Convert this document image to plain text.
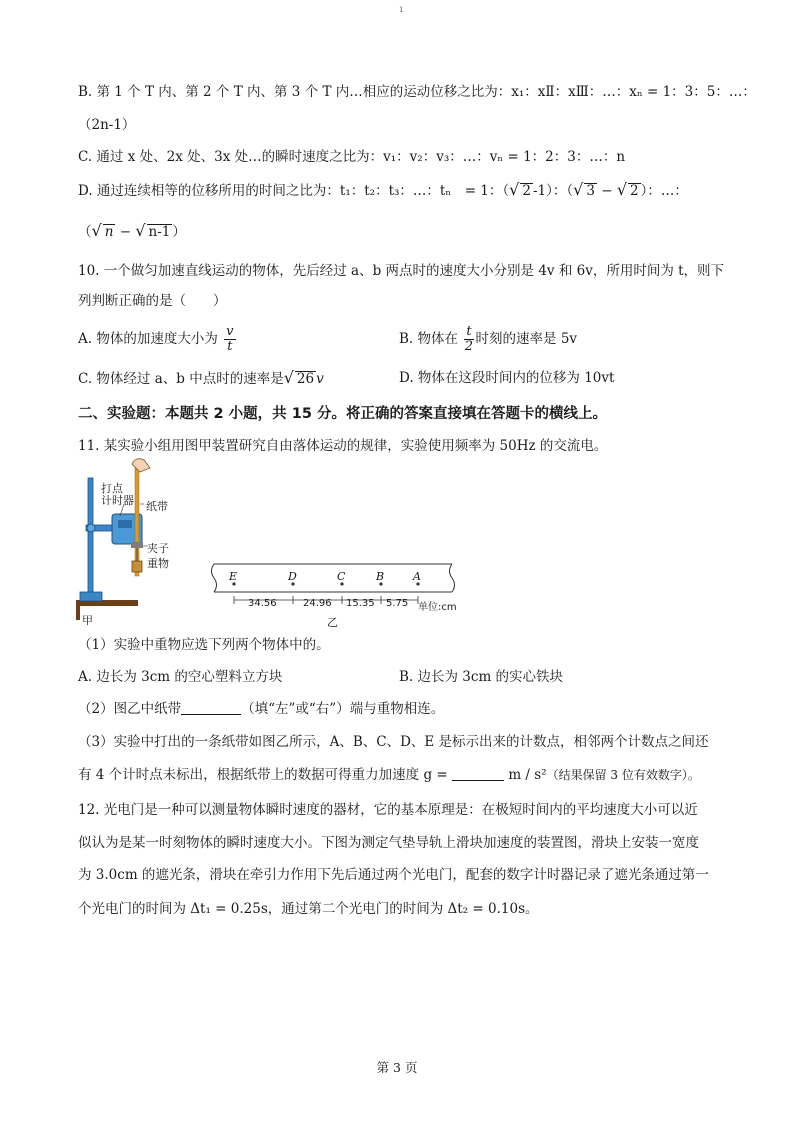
1
B. 第 1 个 T 内、第 2 个 T 内、第 3 个 T 内…相应的运动位移之比为：x₁：xⅡ：xⅢ：…：xₙ = 1：3：5：…：
（2n-1）
C. 通过 x 处、2x 处、3x 处…的瞬时速度之比为：v₁：v₂：v₃：…：vₙ = 1：2：3：…：n
D. 通过连续相等的位移所用的时间之比为：t₁：t₂：t₃：…：tₙ　= 1：（√ 2 -1）：（√ 3 − √ 2 ）：…：
（√ n − √ n-1 ）
10. 一个做匀加速直线运动的物体，先后经过 a、b 两点时的速度大小分别是 4v 和 6v，所用时间为 t，则下
列判断正确的是（　　）
A. 物体的加速度大小为 $\frac{v}{t}$	B. 物体在 $\frac{t}{2}$ 时刻的速率是 5v
C. 物体经过 a、b 中点时的速率是√ 26 v	D. 物体在这段时间内的位移为 10vt
二、实验题：本题共 2 小题，共 15 分。将正确的答案直接填在答题卡的横线上。
11. 某实验小组用图甲装置研究自由落体运动的规律，实验使用频率为 50Hz 的交流电。
打点
计时器 纸带
夹子
重物
甲
E	D	C	B	A
34.56	24.96 15.35 5.75 单位:cm
乙
（1）实验中重物应选下列两个物体中的。
A. 边长为 3cm 的空心塑料立方块	B. 边长为 3cm 的实心铁块
（2）图乙中纸带	（填“左”或“右”）端与重物相连。
（3）实验中打出的一条纸带如图乙所示，A、B、C、D、E 是标示出来的计数点，相邻两个计数点之间还
有 4 个计时点未标出，根据纸带上的数据可得重力加速度 g =	m / s²（结果保留 3 位有效数字）。
12. 光电门是一种可以测量物体瞬时速度的器材，它的基本原理是：在极短时间内的平均速度大小可以近
似认为是某一时刻物体的瞬时速度大小。下图为测定气垫导轨上滑块加速度的装置图，滑块上安装一宽度
为 3.0cm 的遮光条，滑块在牵引力作用下先后通过两个光电门，配套的数字计时器记录了遮光条通过第一
个光电门的时间为 Δt₁ = 0.25s，通过第二个光电门的时间为 Δt₂ = 0.10s。
第 3 页
